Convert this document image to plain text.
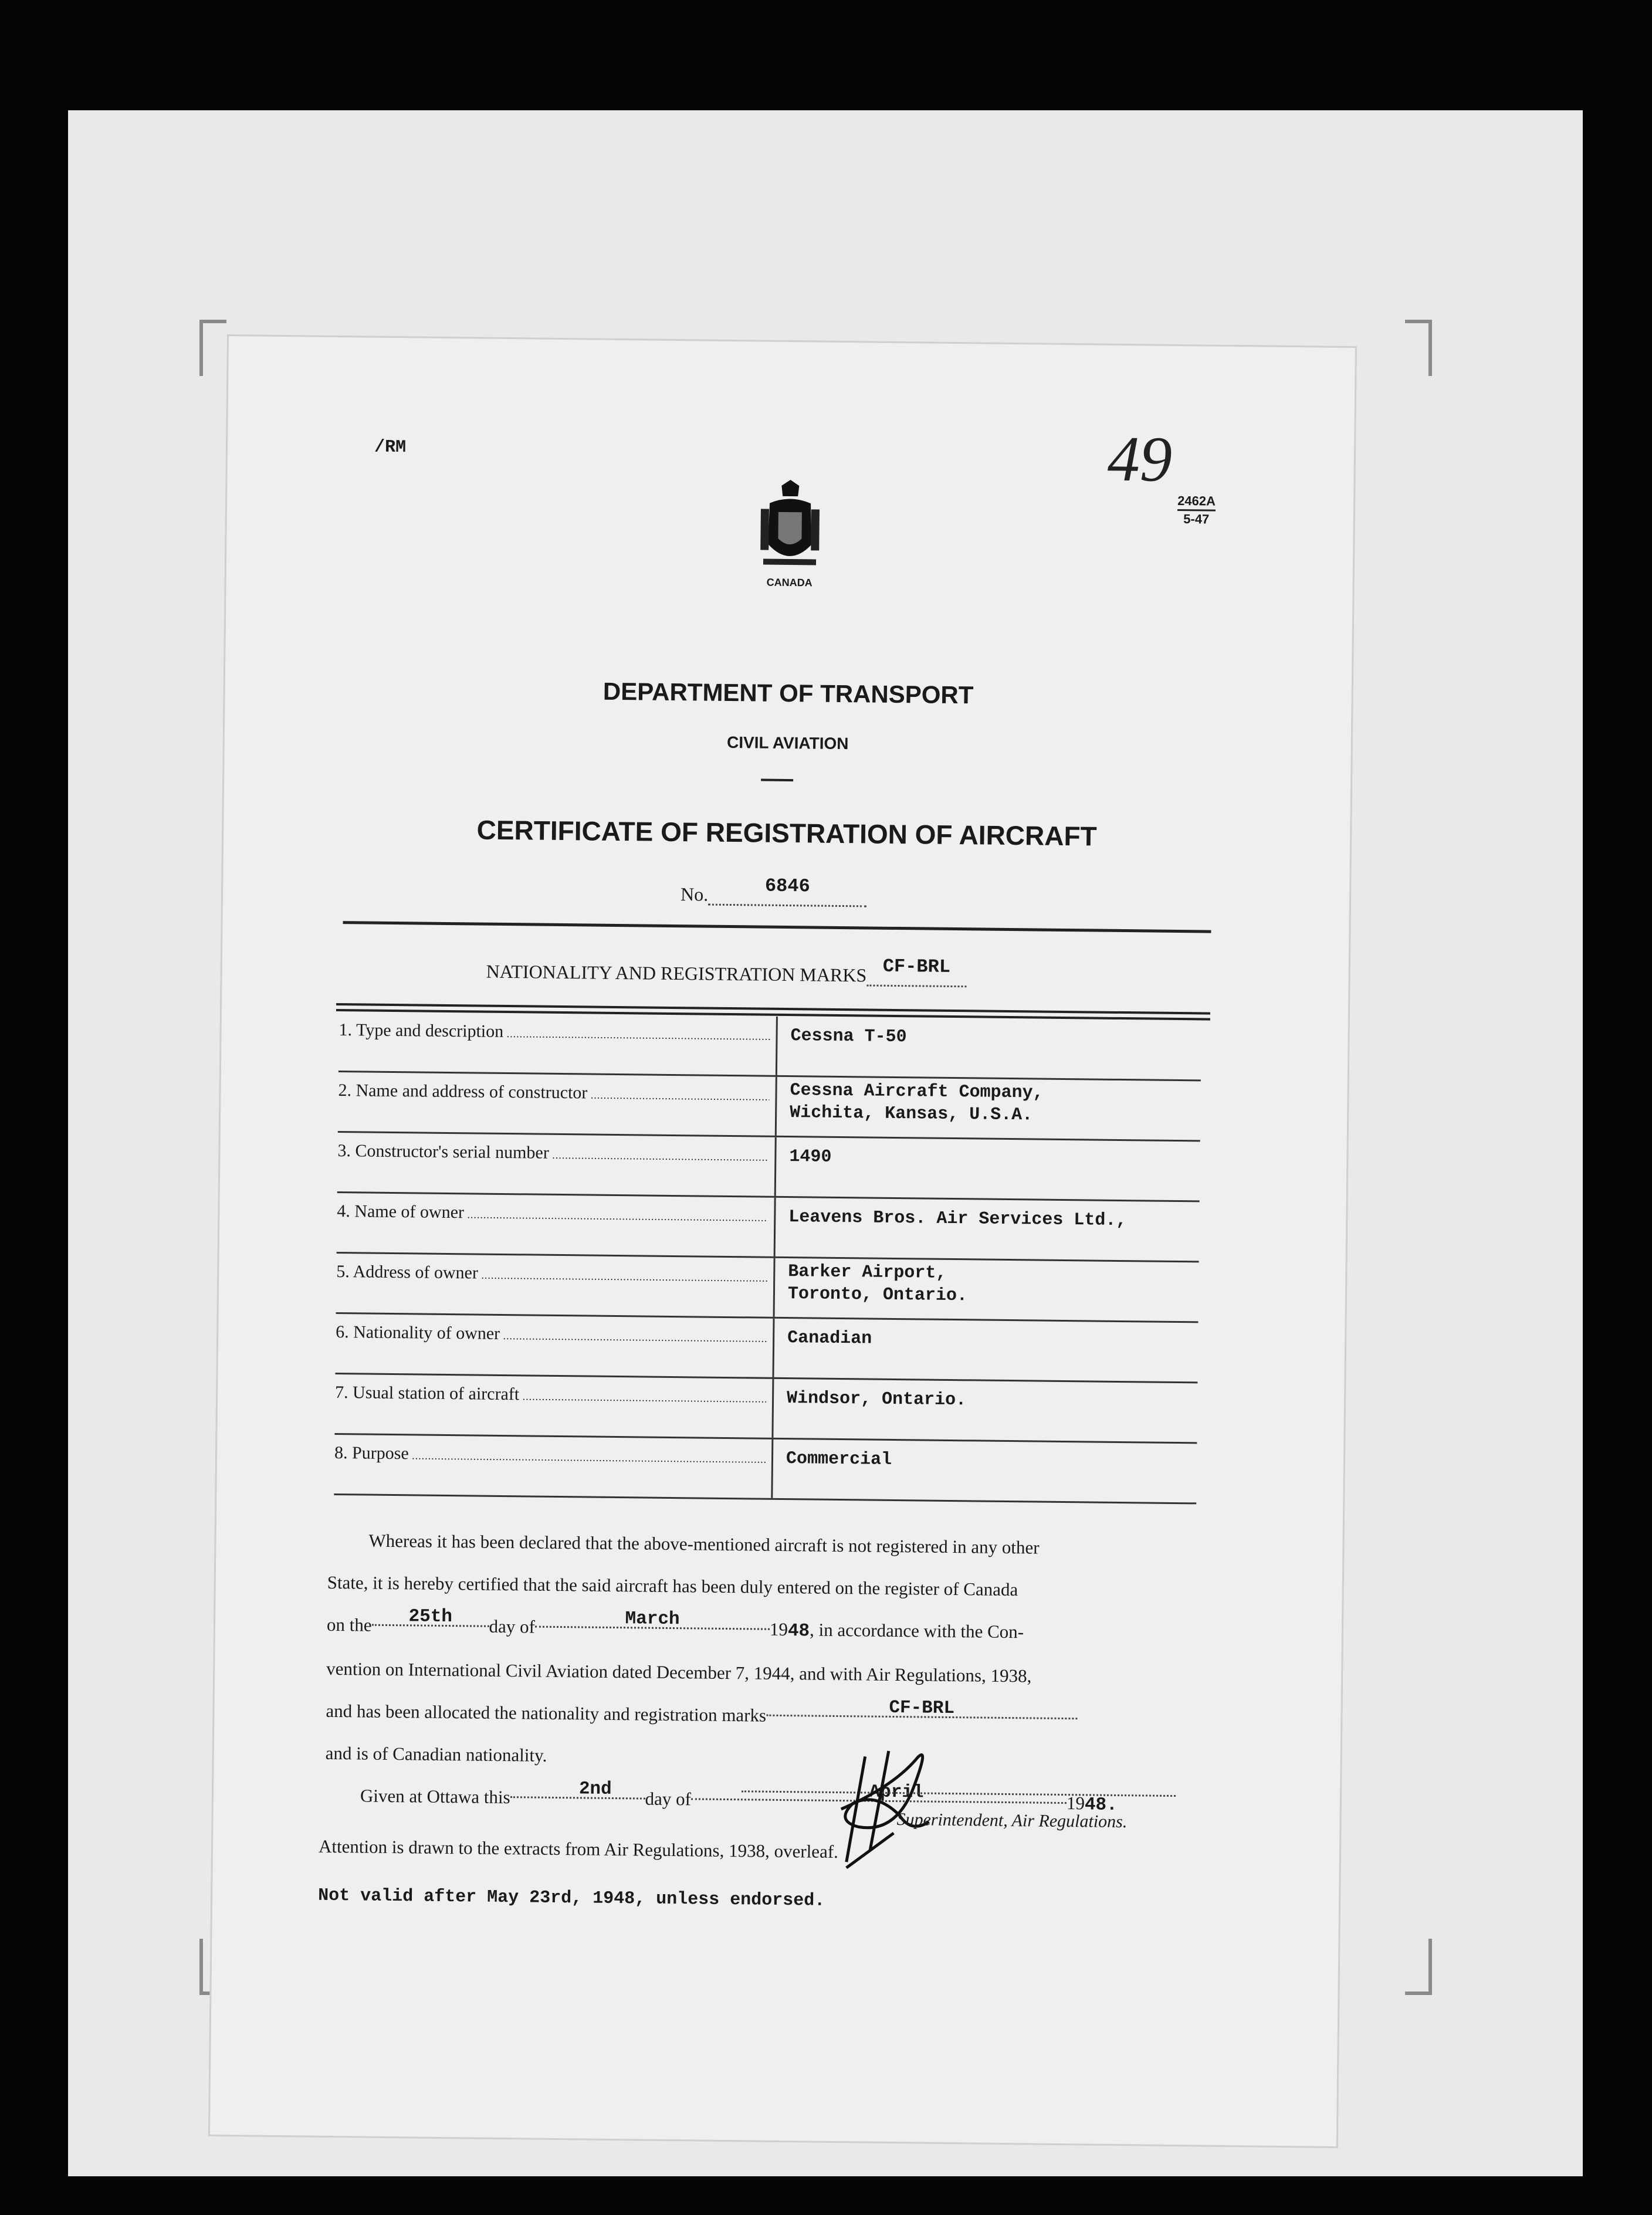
/RM	49
2462A
5-47
CANADA
DEPARTMENT OF TRANSPORT
CIVIL AVIATION
CERTIFICATE OF REGISTRATION OF AIRCRAFT
No.	6846
NATIONALITY AND REGISTRATION MARKS CF-BRL
1. Type and description .....	Cessna T-50
2. Name and address of constructor .....	Cessna Aircraft Company,
Wichita, Kansas, U.S.A.
3. Constructor's serial number .....	1490
4. Name of owner .....	Leavens Bros. Air Services Ltd.,
5. Address of owner .....	Barker Airport,
Toronto, Ontario.
6. Nationality of owner .....	Canadian
7. Usual station of aircraft .....	Windsor, Ontario.
8. Purpose .....	Commercial
Whereas it has been declared that the above-mentioned aircraft is not registered in any other
State, it is hereby certified that the said aircraft has been duly entered on the register of Canada
on the 25th day of	March	1948, in accordance with the Con-
vention on International Civil Aviation dated December 7, 1944, and with Air Regulations, 1938,
and has been allocated the nationality and registration marks	CF-BRL
and is of Canadian nationality.
Given at Ottawa this	2nd day of	April1948.
Superintendent, Air Regulations.
Attention is drawn to the extracts from Air Regulations, 1938, overleaf.
Not valid after May 23rd, 1948, unless endorsed.
